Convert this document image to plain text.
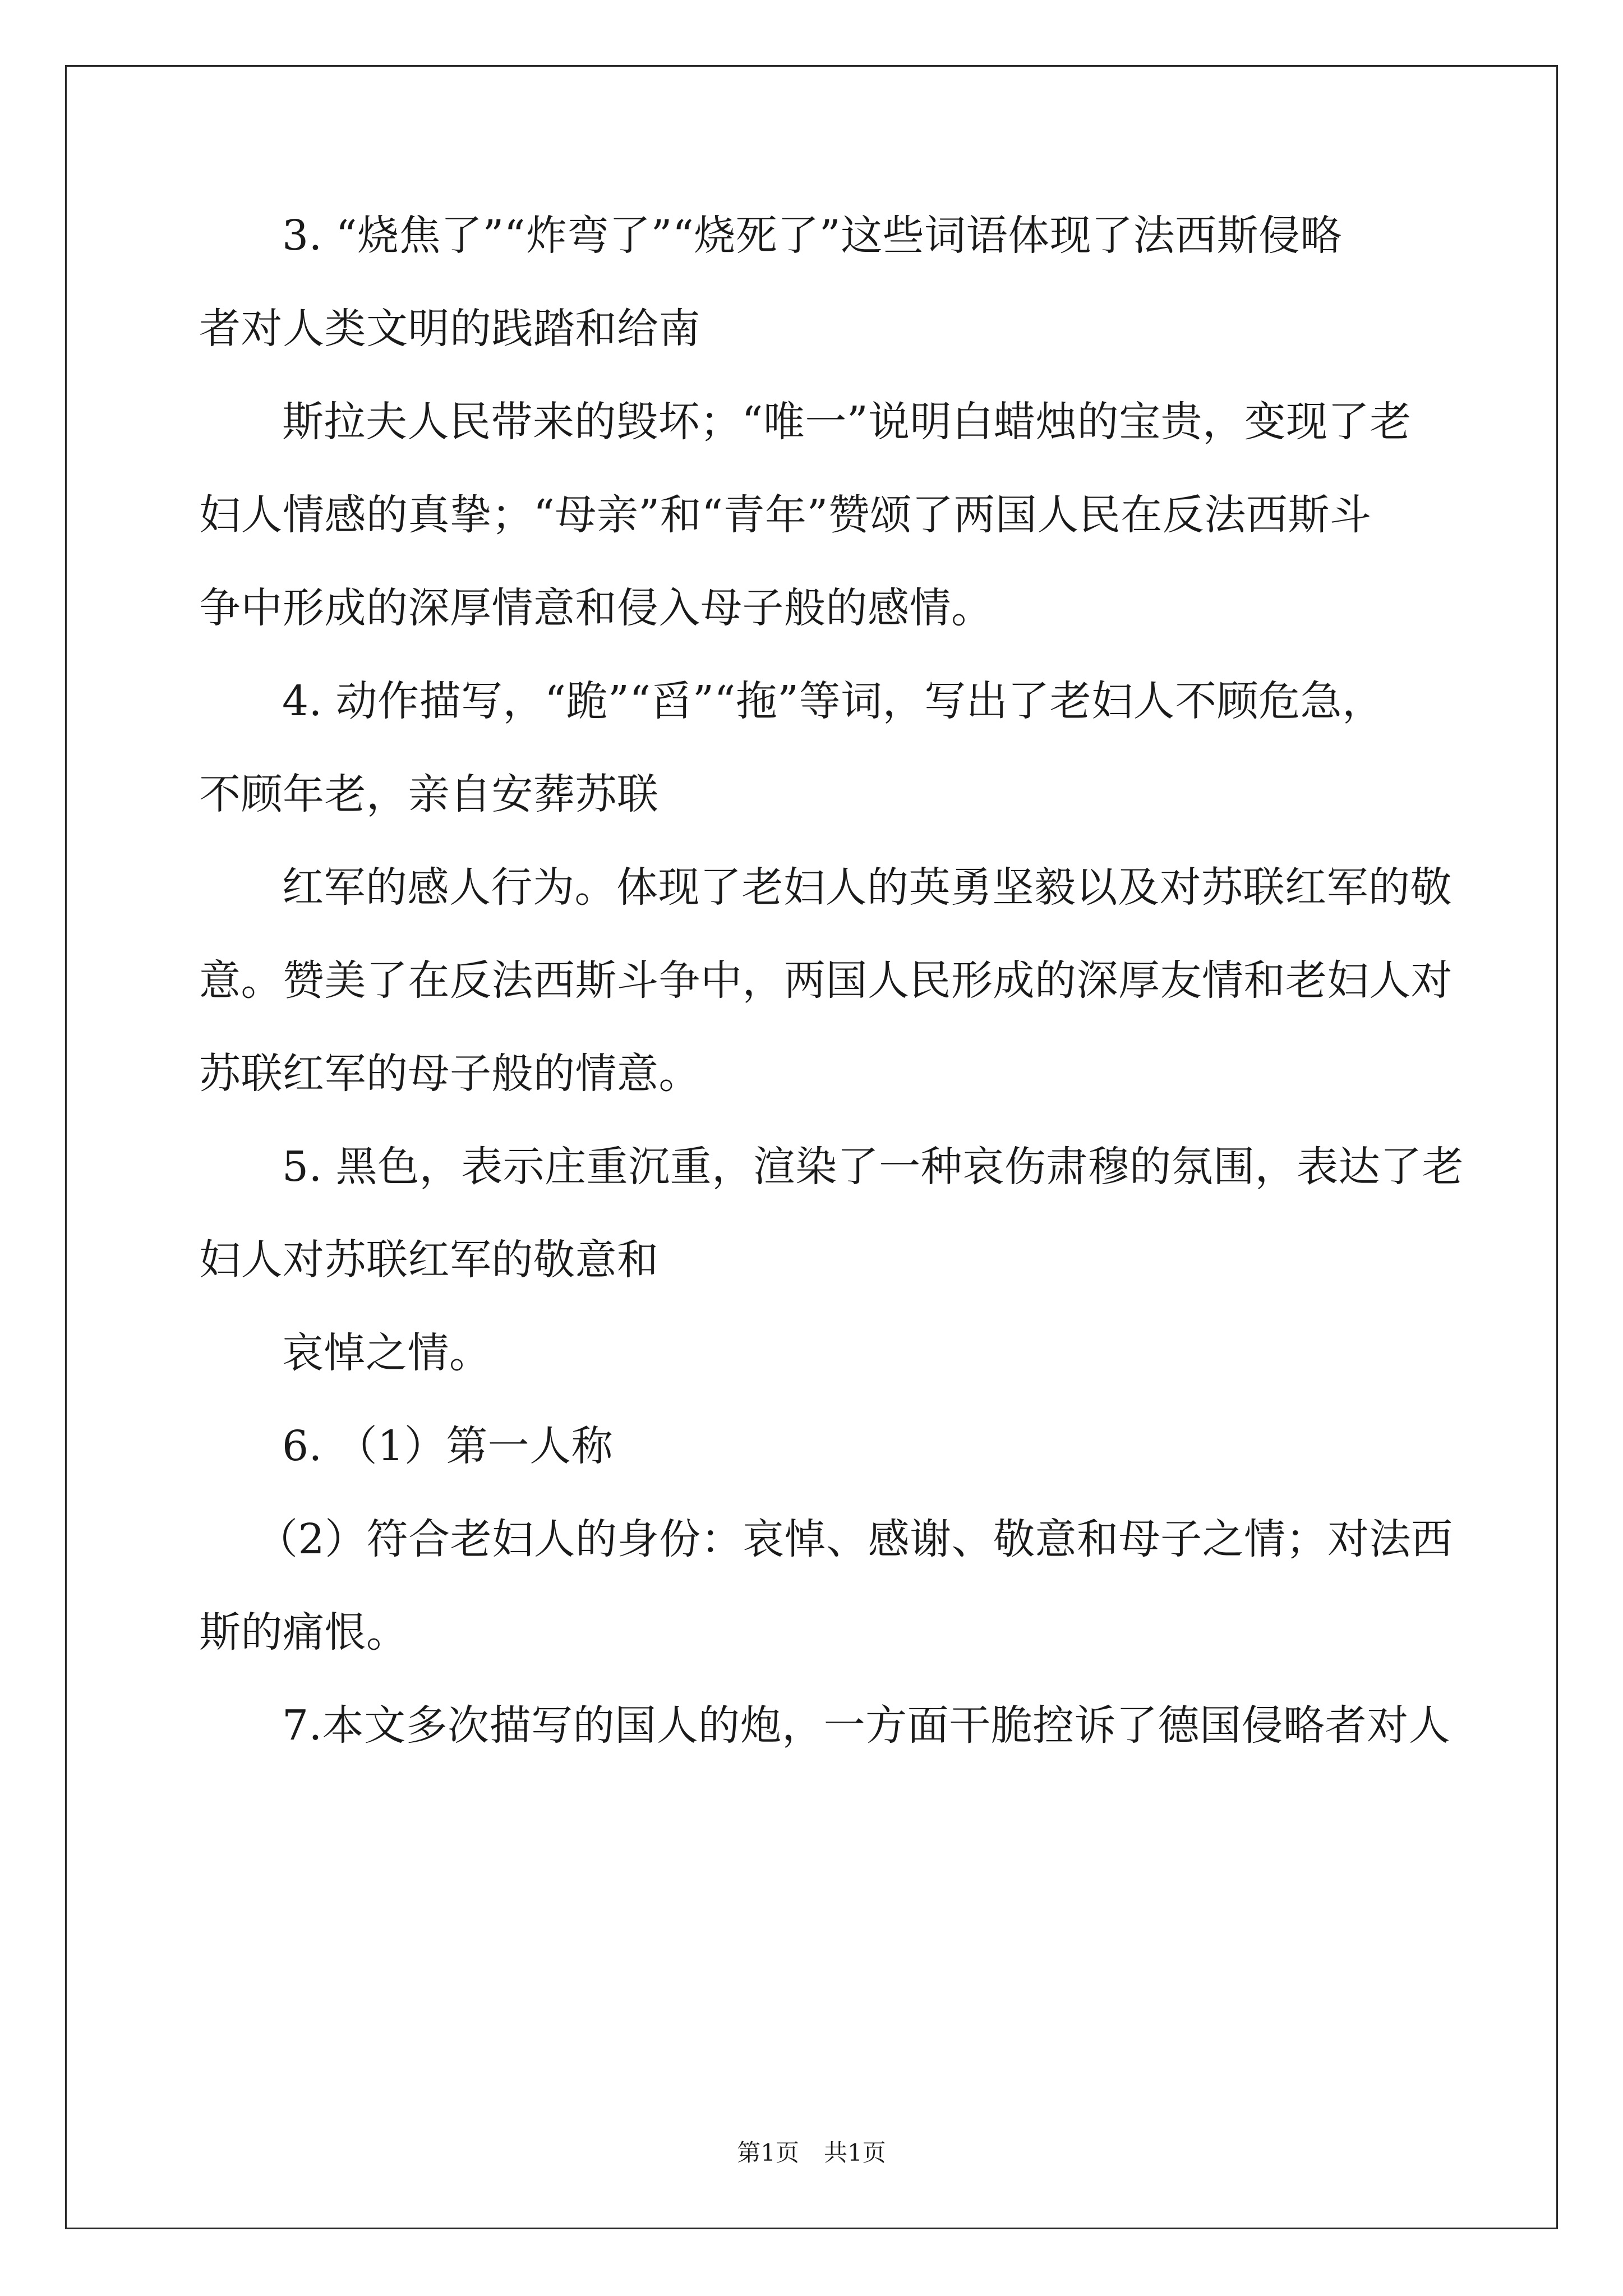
3. “烧焦了”“炸弯了”“烧死了”这些词语体现了法西斯侵略
者对人类文明的践踏和给南
斯拉夫人民带来的毁坏；“唯一”说明白蜡烛的宝贵，变现了老
妇人情感的真挚；“母亲”和“青年”赞颂了两国人民在反法西斯斗
争中形成的深厚情意和侵入母子般的感情。
4. 动作描写，“跪”“舀”“拖”等词，写出了老妇人不顾危急，
不顾年老，亲自安葬苏联
红军的感人行为。体现了老妇人的英勇坚毅以及对苏联红军的敬
意。赞美了在反法西斯斗争中，两国人民形成的深厚友情和老妇人对
苏联红军的母子般的情意。
5. 黑色，表示庄重沉重，渲染了一种哀伤肃穆的氛围，表达了老
妇人对苏联红军的敬意和
哀悼之情。
6. （1）第一人称
（2）符合老妇人的身份：哀悼、感谢、敬意和母子之情；对法西
斯的痛恨。
7.本文多次描写的国人的炮，一方面干脆控诉了德国侵略者对人
第1页 共1页
